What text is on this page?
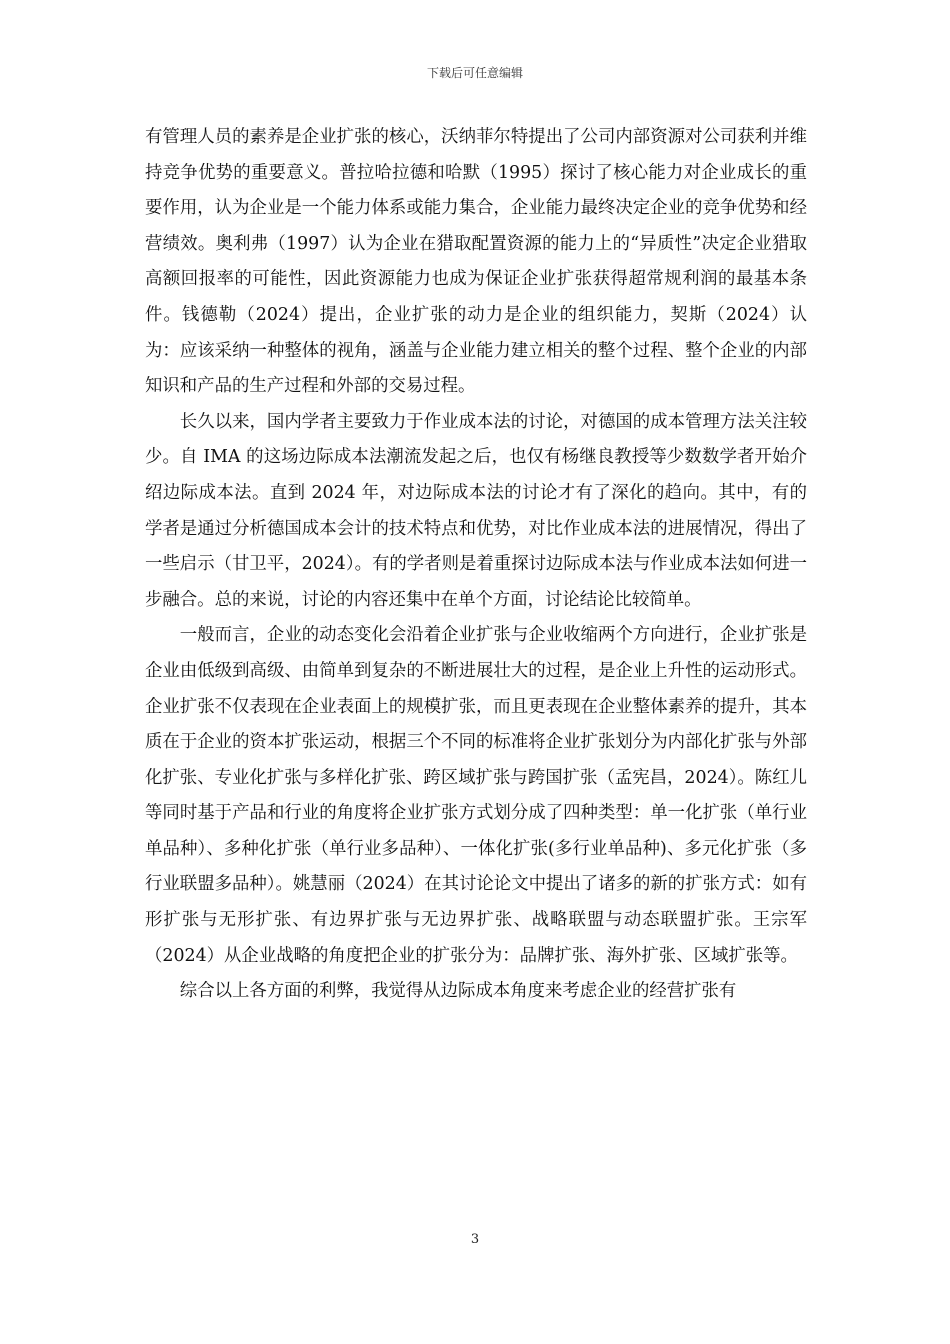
下载后可任意编辑

有管理人员的素养是企业扩张的核心，沃纳菲尔特提出了公司内部资源对公司获利并维持竞争优势的重要意义。普拉哈拉德和哈默（1995）探讨了核心能力对企业成长的重要作用，认为企业是一个能力体系或能力集合，企业能力最终决定企业的竞争优势和经营绩效。奥利弗（1997）认为企业在猎取配置资源的能力上的“异质性”决定企业猎取高额回报率的可能性，因此资源能力也成为保证企业扩张获得超常规利润的最基本条件。钱德勒（2024）提出，企业扩张的动力是企业的组织能力，契斯（2024）认为：应该采纳一种整体的视角，涵盖与企业能力建立相关的整个过程、整个企业的内部知识和产品的生产过程和外部的交易过程。

长久以来，国内学者主要致力于作业成本法的讨论，对德国的成本管理方法关注较少。自 IMA 的这场边际成本法潮流发起之后，也仅有杨继良教授等少数数学者开始介绍边际成本法。直到 2024 年，对边际成本法的讨论才有了深化的趋向。其中，有的学者是通过分析德国成本会计的技术特点和优势，对比作业成本法的进展情况，得出了一些启示（甘卫平，2024）。有的学者则是着重探讨边际成本法与作业成本法如何进一步融合。总的来说，讨论的内容还集中在单个方面，讨论结论比较简单。

一般而言，企业的动态变化会沿着企业扩张与企业收缩两个方向进行，企业扩张是企业由低级到高级、由简单到复杂的不断进展壮大的过程，是企业上升性的运动形式。企业扩张不仅表现在企业表面上的规模扩张，而且更表现在企业整体素养的提升，其本质在于企业的资本扩张运动，根据三个不同的标准将企业扩张划分为内部化扩张与外部化扩张、专业化扩张与多样化扩张、跨区域扩张与跨国扩张（孟宪昌，2024）。陈红儿等同时基于产品和行业的角度将企业扩张方式划分成了四种类型：单一化扩张（单行业单品种）、多种化扩张（单行业多品种）、一体化扩张(多行业单品种)、多元化扩张（多行业联盟多品种）。姚慧丽（2024）在其讨论论文中提出了诸多的新的扩张方式：如有形扩张与无形扩张、有边界扩张与无边界扩张、战略联盟与动态联盟扩张。王宗军（2024）从企业战略的角度把企业的扩张分为：品牌扩张、海外扩张、区域扩张等。

综合以上各方面的利弊，我觉得从边际成本角度来考虑企业的经营扩张有

3
